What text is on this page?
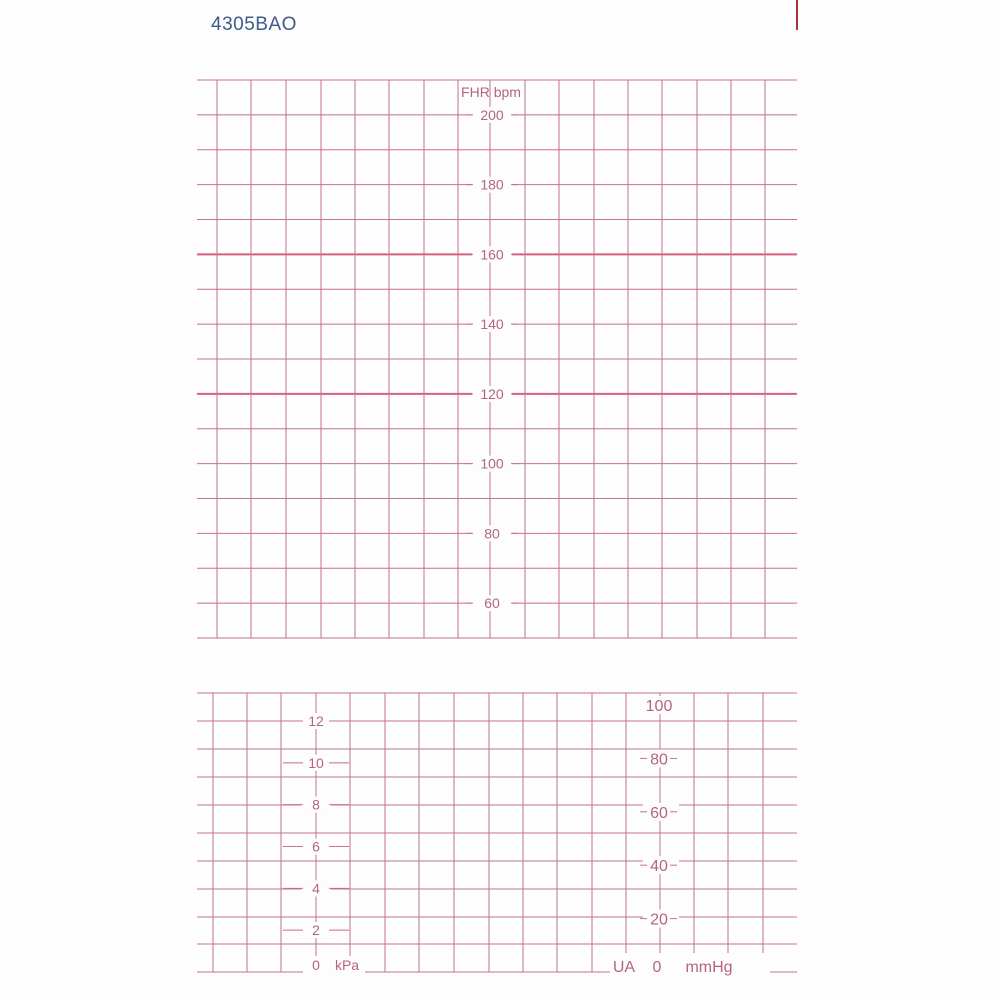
4305BAO
FHR bpm
200
180
160
140
120
100
80
60
12
10
8
6
4
2
0 kPa
100
80
60
40
20
UA 0 mmHg
